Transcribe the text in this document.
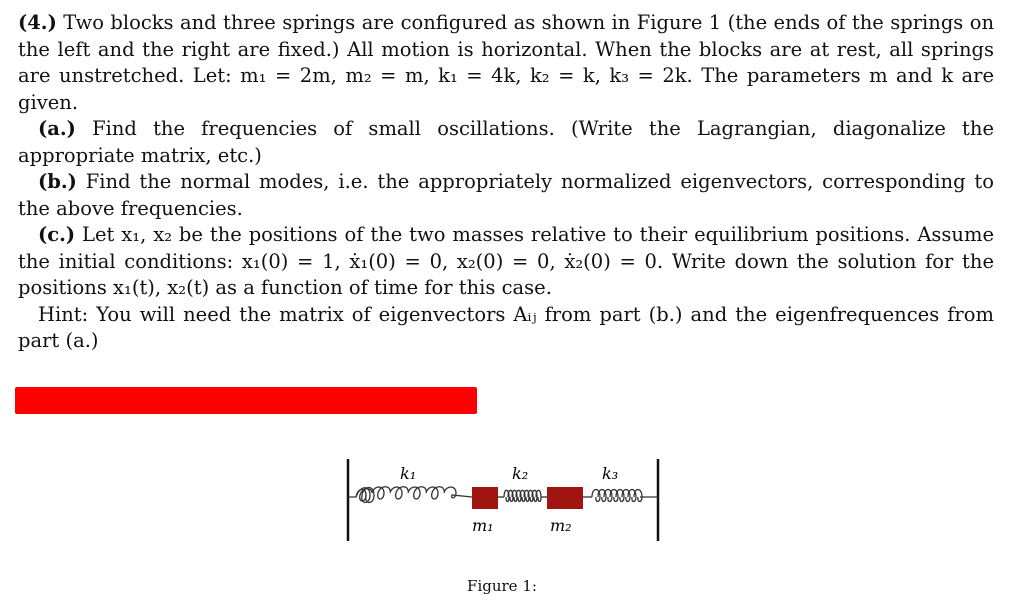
(4.) Two blocks and three springs are configured as shown in Figure 1 (the ends of the springs on the left and the right are fixed.) All motion is horizontal. When the blocks are at rest, all springs are unstretched. Let: m₁ = 2m, m₂ = m, k₁ = 4k, k₂ = k, k₃ = 2k. The parameters m and k are given.

(a.) Find the frequencies of small oscillations. (Write the Lagrangian, diagonalize the appropriate matrix, etc.)

(b.) Find the normal modes, i.e. the appropriately normalized eigenvectors, corresponding to the above frequencies.

(c.) Let x₁, x₂ be the positions of the two masses relative to their equilibrium positions. Assume the initial conditions: x₁(0) = 1, ẋ₁(0) = 0, x₂(0) = 0, ẋ₂(0) = 0. Write down the solution for the positions x₁(t), x₂(t) as a function of time for this case.

Hint: You will need the matrix of eigenvectors Aᵢⱼ from part (b.) and the eigenfrequences from part (a.)

k₁	k₂	k₃
m₁	m₂
Figure 1:
